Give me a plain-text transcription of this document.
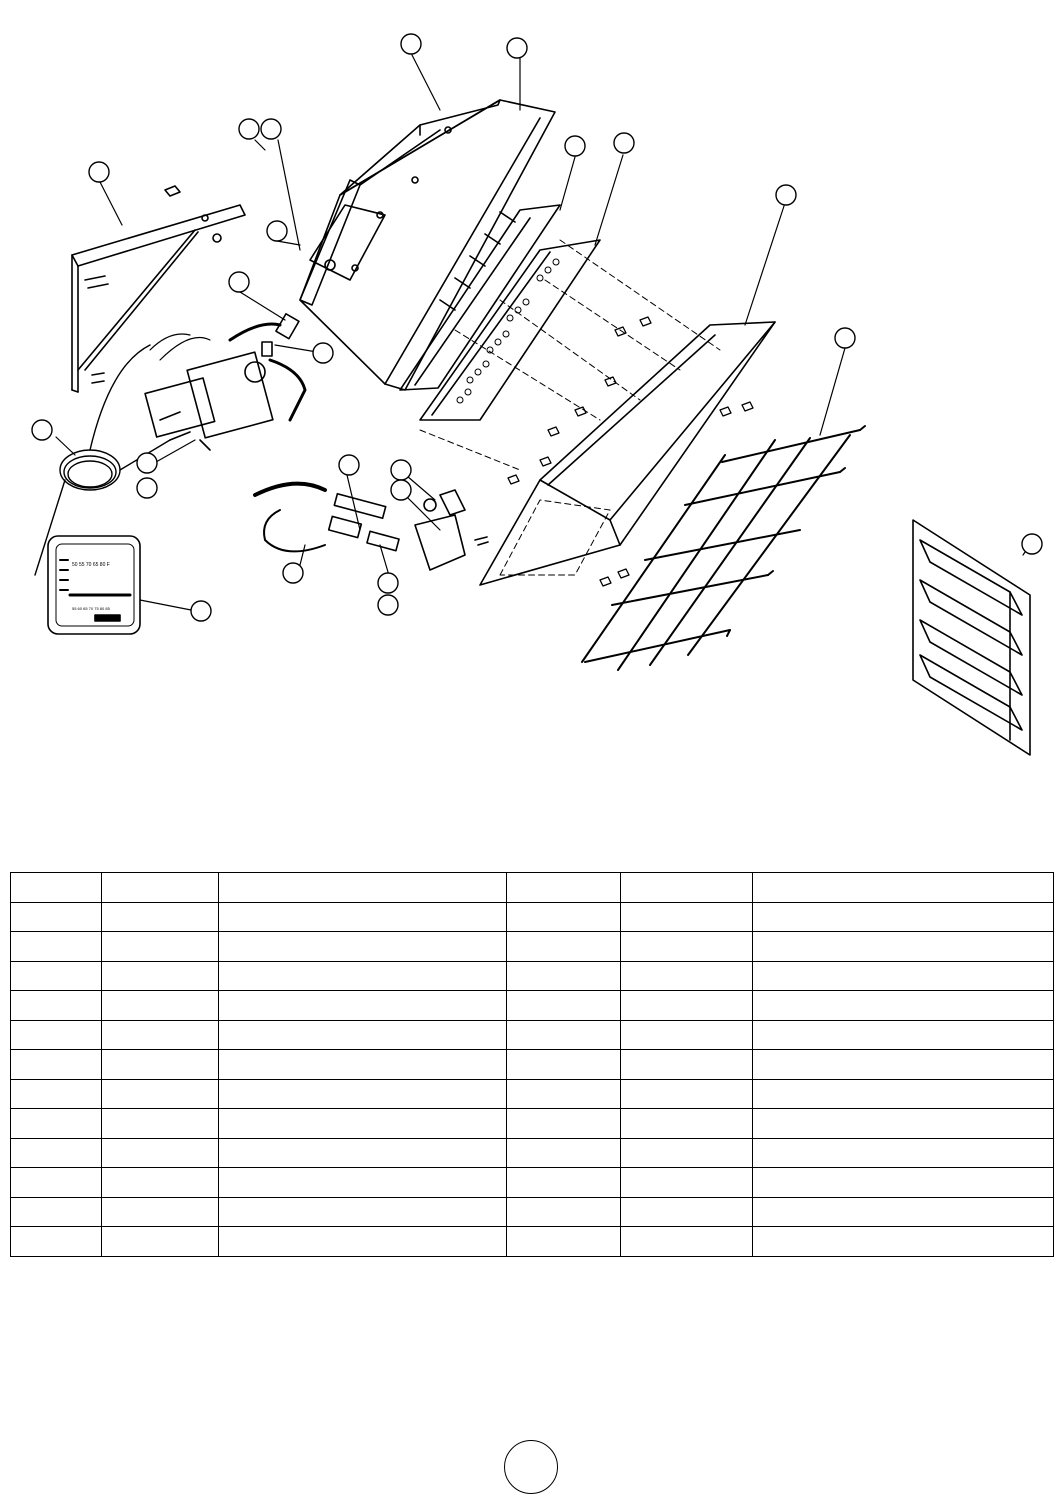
50 55 70 65 80 F
55 60 65 70 75 80 85
